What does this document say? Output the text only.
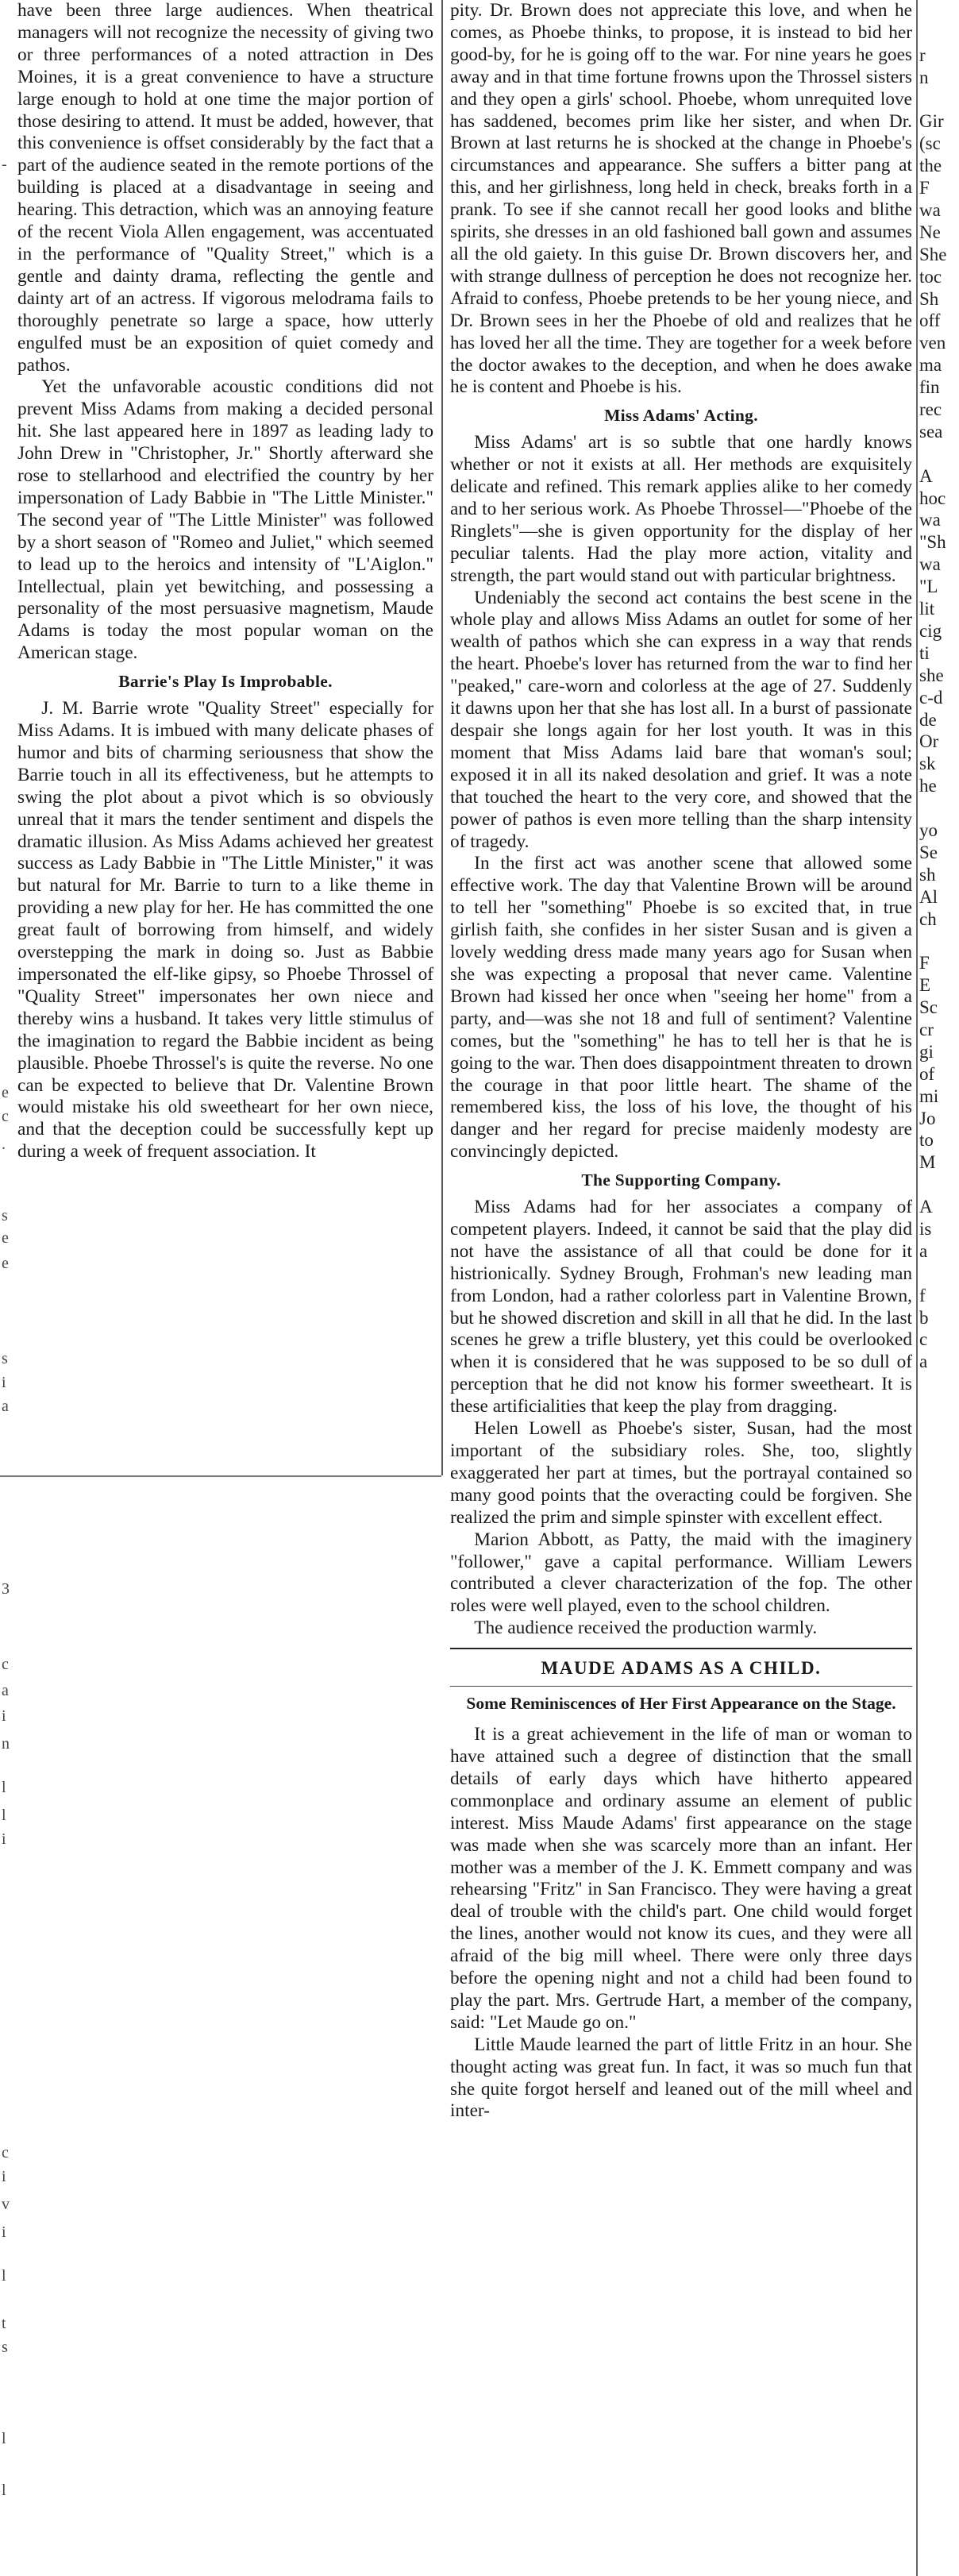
-
e
c
.
s
e
e
s
i
a
3
c
a
i
n
l
l
i
c
i
v
i
l
t
s
l
l

have been three large audiences. When theatrical managers will not recognize the necessity of giving two or three performances of a noted attraction in Des Moines, it is a great convenience to have a structure large enough to hold at one time the major portion of those desiring to attend. It must be added, however, that this convenience is offset considerably by the fact that a part of the audience seated in the remote portions of the building is placed at a disadvantage in seeing and hearing. This detraction, which was an annoying feature of the recent Viola Allen engagement, was accentuated in the performance of "Quality Street," which is a gentle and dainty drama, reflecting the gentle and dainty art of an actress. If vigorous melodrama fails to thoroughly penetrate so large a space, how utterly engulfed must be an exposition of quiet comedy and pathos.

Yet the unfavorable acoustic conditions did not prevent Miss Adams from making a decided personal hit. She last appeared here in 1897 as leading lady to John Drew in "Christopher, Jr." Shortly afterward she rose to stellarhood and electrified the country by her impersonation of Lady Babbie in "The Little Minister." The second year of "The Little Minister" was followed by a short season of "Romeo and Juliet," which seemed to lead up to the heroics and intensity of "L'Aiglon." Intellectual, plain yet bewitching, and possessing a personality of the most persuasive magnetism, Maude Adams is today the most popular woman on the American stage.

Barrie's Play Is Improbable.

J. M. Barrie wrote "Quality Street" especially for Miss Adams. It is imbued with many delicate phases of humor and bits of charming seriousness that show the Barrie touch in all its effectiveness, but he attempts to swing the plot about a pivot which is so obviously unreal that it mars the tender sentiment and dispels the dramatic illusion. As Miss Adams achieved her greatest success as Lady Babbie in "The Little Minister," it was but natural for Mr. Barrie to turn to a like theme in providing a new play for her. He has committed the one great fault of borrowing from himself, and widely overstepping the mark in doing so. Just as Babbie impersonated the elf-like gipsy, so Phoebe Throssel of "Quality Street" impersonates her own niece and thereby wins a husband. It takes very little stimulus of the imagination to regard the Babbie incident as being plausible. Phoebe Throssel's is quite the reverse. No one can be expected to believe that Dr. Valentine Brown would mistake his old sweetheart for her own niece, and that the deception could be successfully kept up during a week of frequent association. It

pity. Dr. Brown does not appreciate this love, and when he comes, as Phoebe thinks, to propose, it is instead to bid her good-by, for he is going off to the war. For nine years he goes away and in that time fortune frowns upon the Throssel sisters and they open a girls' school. Phoebe, whom unrequited love has saddened, becomes prim like her sister, and when Dr. Brown at last returns he is shocked at the change in Phoebe's circumstances and appearance. She suffers a bitter pang at this, and her girlishness, long held in check, breaks forth in a prank. To see if she cannot recall her good looks and blithe spirits, she dresses in an old fashioned ball gown and assumes all the old gaiety. In this guise Dr. Brown discovers her, and with strange dullness of perception he does not recognize her. Afraid to confess, Phoebe pretends to be her young niece, and Dr. Brown sees in her the Phoebe of old and realizes that he has loved her all the time. They are together for a week before the doctor awakes to the deception, and when he does awake he is content and Phoebe is his.

Miss Adams' Acting.

Miss Adams' art is so subtle that one hardly knows whether or not it exists at all. Her methods are exquisitely delicate and refined. This remark applies alike to her comedy and to her serious work. As Phoebe Throssel—"Phoebe of the Ringlets"—she is given opportunity for the display of her peculiar talents. Had the play more action, vitality and strength, the part would stand out with particular brightness.

Undeniably the second act contains the best scene in the whole play and allows Miss Adams an outlet for some of her wealth of pathos which she can express in a way that rends the heart. Phoebe's lover has returned from the war to find her "peaked," care-worn and colorless at the age of 27. Suddenly it dawns upon her that she has lost all. In a burst of passionate despair she longs again for her lost youth. It was in this moment that Miss Adams laid bare that woman's soul; exposed it in all its naked desolation and grief. It was a note that touched the heart to the very core, and showed that the power of pathos is even more telling than the sharp intensity of tragedy.

In the first act was another scene that allowed some effective work. The day that Valentine Brown will be around to tell her "something" Phoebe is so excited that, in true girlish faith, she confides in her sister Susan and is given a lovely wedding dress made many years ago for Susan when she was expecting a proposal that never came. Valentine Brown had kissed her once when "seeing her home" from a party, and—was she not 18 and full of sentiment? Valentine comes, but the "something" he has to tell her is that he is going to the war. Then does disappointment threaten to drown the courage in that poor little heart. The shame of the remembered kiss, the loss of his love, the thought of his danger and her regard for precise maidenly modesty are convincingly depicted.

The Supporting Company.

Miss Adams had for her associates a company of competent players. Indeed, it cannot be said that the play did not have the assistance of all that could be done for it histrionically. Sydney Brough, Frohman's new leading man from London, had a rather colorless part in Valentine Brown, but he showed discretion and skill in all that he did. In the last scenes he grew a trifle blustery, yet this could be overlooked when it is considered that he was supposed to be so dull of perception that he did not know his former sweetheart. It is these artificialities that keep the play from dragging.

Helen Lowell as Phoebe's sister, Susan, had the most important of the subsidiary roles. She, too, slightly exaggerated her part at times, but the portrayal contained so many good points that the overacting could be forgiven. She realized the prim and simple spinster with excellent effect.

Marion Abbott, as Patty, the maid with the imaginery "follower," gave a capital performance. William Lewers contributed a clever characterization of the fop. The other roles were well played, even to the school children.

The audience received the production warmly.

MAUDE ADAMS AS A CHILD.
Some Reminiscences of Her First Appearance on the Stage.

It is a great achievement in the life of man or woman to have attained such a degree of distinction that the small details of early days which have hitherto appeared commonplace and ordinary assume an element of public interest. Miss Maude Adams' first appearance on the stage was made when she was scarcely more than an infant. Her mother was a member of the J. K. Emmett company and was rehearsing "Fritz" in San Francisco. They were having a great deal of trouble with the child's part. One child would forget the lines, another would not know its cues, and they were all afraid of the big mill wheel. There were only three days before the opening night and not a child had been found to play the part. Mrs. Gertrude Hart, a member of the company, said: "Let Maude go on."

Little Maude learned the part of little Fritz in an hour. She thought acting was great fun. In fact, it was so much fun that she quite forgot herself and leaned out of the mill wheel and inter-

r
n
Gir
(sc
the
F
wa
Ne
She
toc
Sh
off
ven
ma
fin
rec
sea
A
hoc
wa
"Sh
wa
"L
lit
cig
ti
she
c-d
de
Or
sk
he
yo
Se
sh
Al
ch
F
E
Sc
cr
gi
of
mi
Jo
to
M
A
is
a
f
b
c
a
